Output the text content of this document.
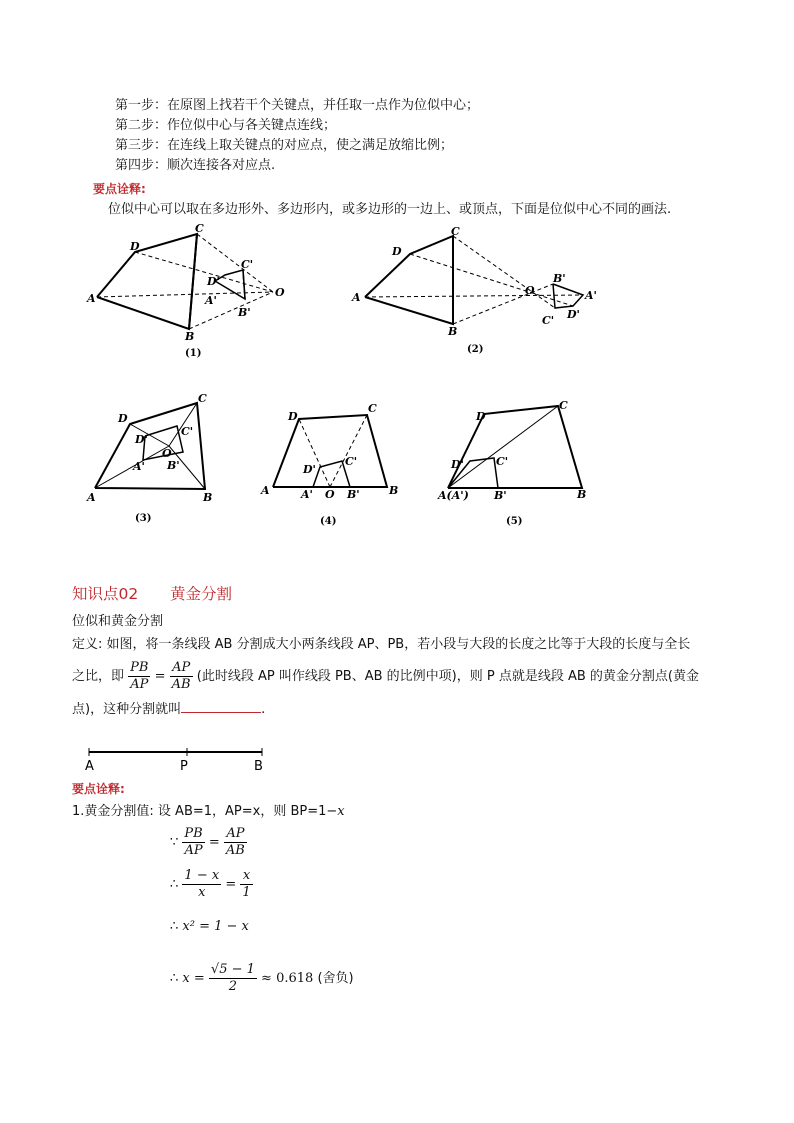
第一步：在原图上找若干个关键点，并任取一点作为位似中心；
第二步：作位似中心与各关键点连线；
第三步：在连线上取关键点的对应点，使之满足放缩比例；
第四步：顺次连接各对应点.
要点诠释:
位似中心可以取在多边形外、多边形内，或多边形的一边上、或顶点，下面是位似中心不同的画法.
A
B
C
D
A'
B'
C'
D'
O
(1)
A
B
C
D
A'
B'
C' D'
O
(2)
A	B
C
D
A' B'
C'
D'
O
(3)
A	B
C
D
A'	B'
C'
D'
O
(4)
A(A')	B
C
D
B'
C'
D'
(5)
知识点02 黄金分割
位似和黄金分割
定义: 如图，将一条线段 AB 分割成大小两条线段 AP、PB，若小段与大段的长度之比等于大段的长度与全长
之比，即 $\frac{PB}{AP} = \frac{AP}{AB}$ (此时线段 AP 叫作线段 PB、AB 的比例中项)，则 P 点就是线段 AB 的黄金分割点(黄金
点)，这种分割就叫	.
A	P	B
要点诠释:
1.黄金分割值: 设 AB=1，AP=x，则 BP=1−x
∵ $\frac{PB}{AP} = \frac{AP}{AB}$
∴ $\frac{1 - x}{x} = \frac{x}{1}$
∴ x² = 1 − x
∴ $x = \frac{√5 - 1}{2} \approx 0.618$ (舍负)
